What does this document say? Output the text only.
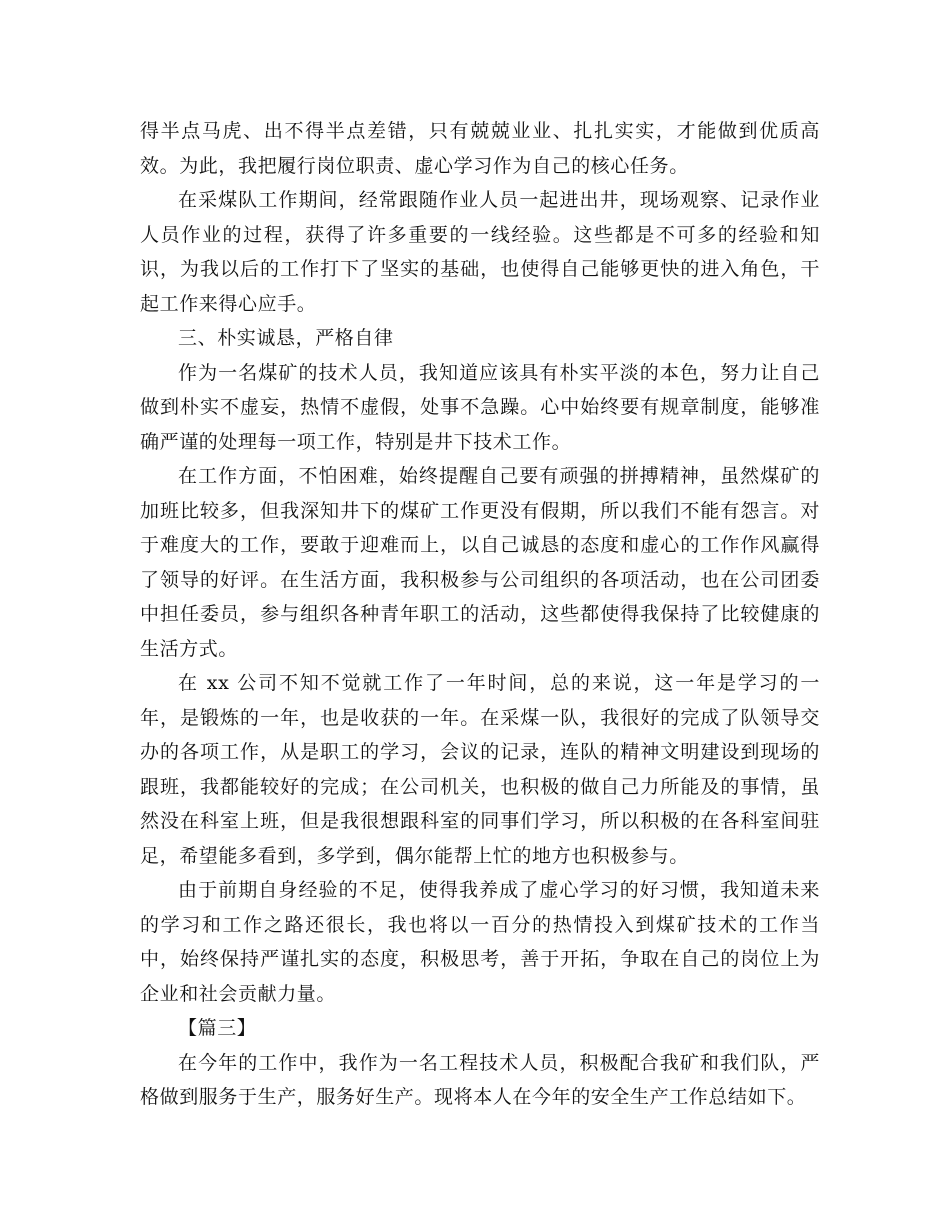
得半点马虎、出不得半点差错，只有兢兢业业、扎扎实实，才能做到优质高效。为此，我把履行岗位职责、虚心学习作为自己的核心任务。

在采煤队工作期间，经常跟随作业人员一起进出井，现场观察、记录作业人员作业的过程，获得了许多重要的一线经验。这些都是不可多的经验和知识，为我以后的工作打下了坚实的基础，也使得自己能够更快的进入角色，干起工作来得心应手。

三、朴实诚恳，严格自律

作为一名煤矿的技术人员，我知道应该具有朴实平淡的本色，努力让自己做到朴实不虚妄，热情不虚假，处事不急躁。心中始终要有规章制度，能够准确严谨的处理每一项工作，特别是井下技术工作。

在工作方面，不怕困难，始终提醒自己要有顽强的拼搏精神，虽然煤矿的加班比较多，但我深知井下的煤矿工作更没有假期，所以我们不能有怨言。对于难度大的工作，要敢于迎难而上，以自己诚恳的态度和虚心的工作作风赢得了领导的好评。在生活方面，我积极参与公司组织的各项活动，也在公司团委中担任委员，参与组织各种青年职工的活动，这些都使得我保持了比较健康的生活方式。

在 xx 公司不知不觉就工作了一年时间，总的来说，这一年是学习的一年，是锻炼的一年，也是收获的一年。在采煤一队，我很好的完成了队领导交办的各项工作，从是职工的学习，会议的记录，连队的精神文明建设到现场的跟班，我都能较好的完成；在公司机关，也积极的做自己力所能及的事情，虽然没在科室上班，但是我很想跟科室的同事们学习，所以积极的在各科室间驻足，希望能多看到，多学到，偶尔能帮上忙的地方也积极参与。

由于前期自身经验的不足，使得我养成了虚心学习的好习惯，我知道未来的学习和工作之路还很长，我也将以一百分的热情投入到煤矿技术的工作当中，始终保持严谨扎实的态度，积极思考，善于开拓，争取在自己的岗位上为企业和社会贡献力量。

【篇三】

在今年的工作中，我作为一名工程技术人员，积极配合我矿和我们队，严格做到服务于生产，服务好生产。现将本人在今年的安全生产工作总结如下。
